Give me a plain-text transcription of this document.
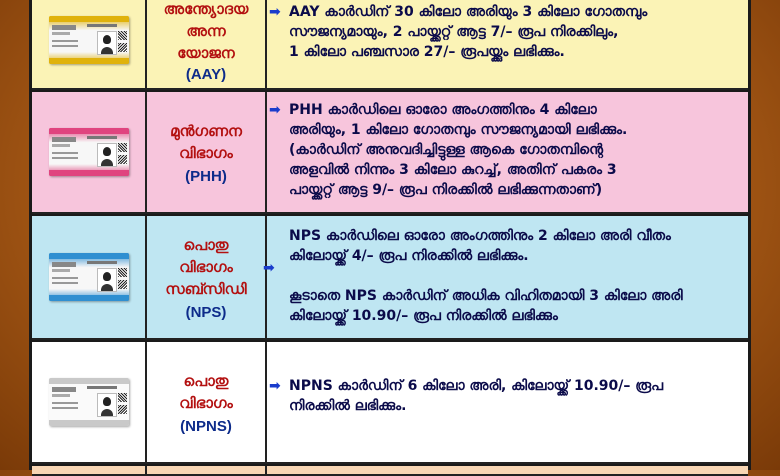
അന്ത്യോദയ
അന്ന
യോജന
(AAY)
➡ AAY കാർഡിന് 30 കിലോ അരിയും 3 കിലോ ഗോതമ്പും
സൗജന്യമായും, 2 പായ്ക്കറ്റ് ആട്ട 7/– രൂപ നിരക്കിലും,
1 കിലോ പഞ്ചസാര 27/– രൂപയ്ക്കും ലഭിക്കും.
മുൻഗണന
വിഭാഗം
(PHH)
➡ PHH കാർഡിലെ ഓരോ അംഗത്തിനും 4 കിലോ
അരിയും, 1 കിലോ ഗോതമ്പും സൗജന്യമായി ലഭിക്കും.
(കാർഡിന് അനുവദിച്ചിട്ടുള്ള ആകെ ഗോതമ്പിന്റെ
അളവിൽ നിന്നും 3 കിലോ കുറച്ച്, അതിന് പകരം 3
പായ്ക്കറ്റ് ആട്ട 9/– രൂപ നിരക്കിൽ ലഭിക്കുന്നതാണ്)
പൊതു
വിഭാഗം
സബ്സിഡി
(NPS)
➡
NPS കാർഡിലെ ഓരോ അംഗത്തിനും 2 കിലോ അരി വീതം
കിലോയ്ക്ക് 4/– രൂപ നിരക്കിൽ ലഭിക്കും.

കൂടാതെ NPS കാർഡിന് അധിക വിഹിതമായി 3 കിലോ അരി
കിലോയ്ക്ക് 10.90/– രൂപ നിരക്കിൽ ലഭിക്കും
പൊതു
വിഭാഗം
(NPNS)
➡ NPNS കാർഡിന് 6 കിലോ അരി, കിലോയ്ക്ക് 10.90/– രൂപ
നിരക്കിൽ ലഭിക്കും.
